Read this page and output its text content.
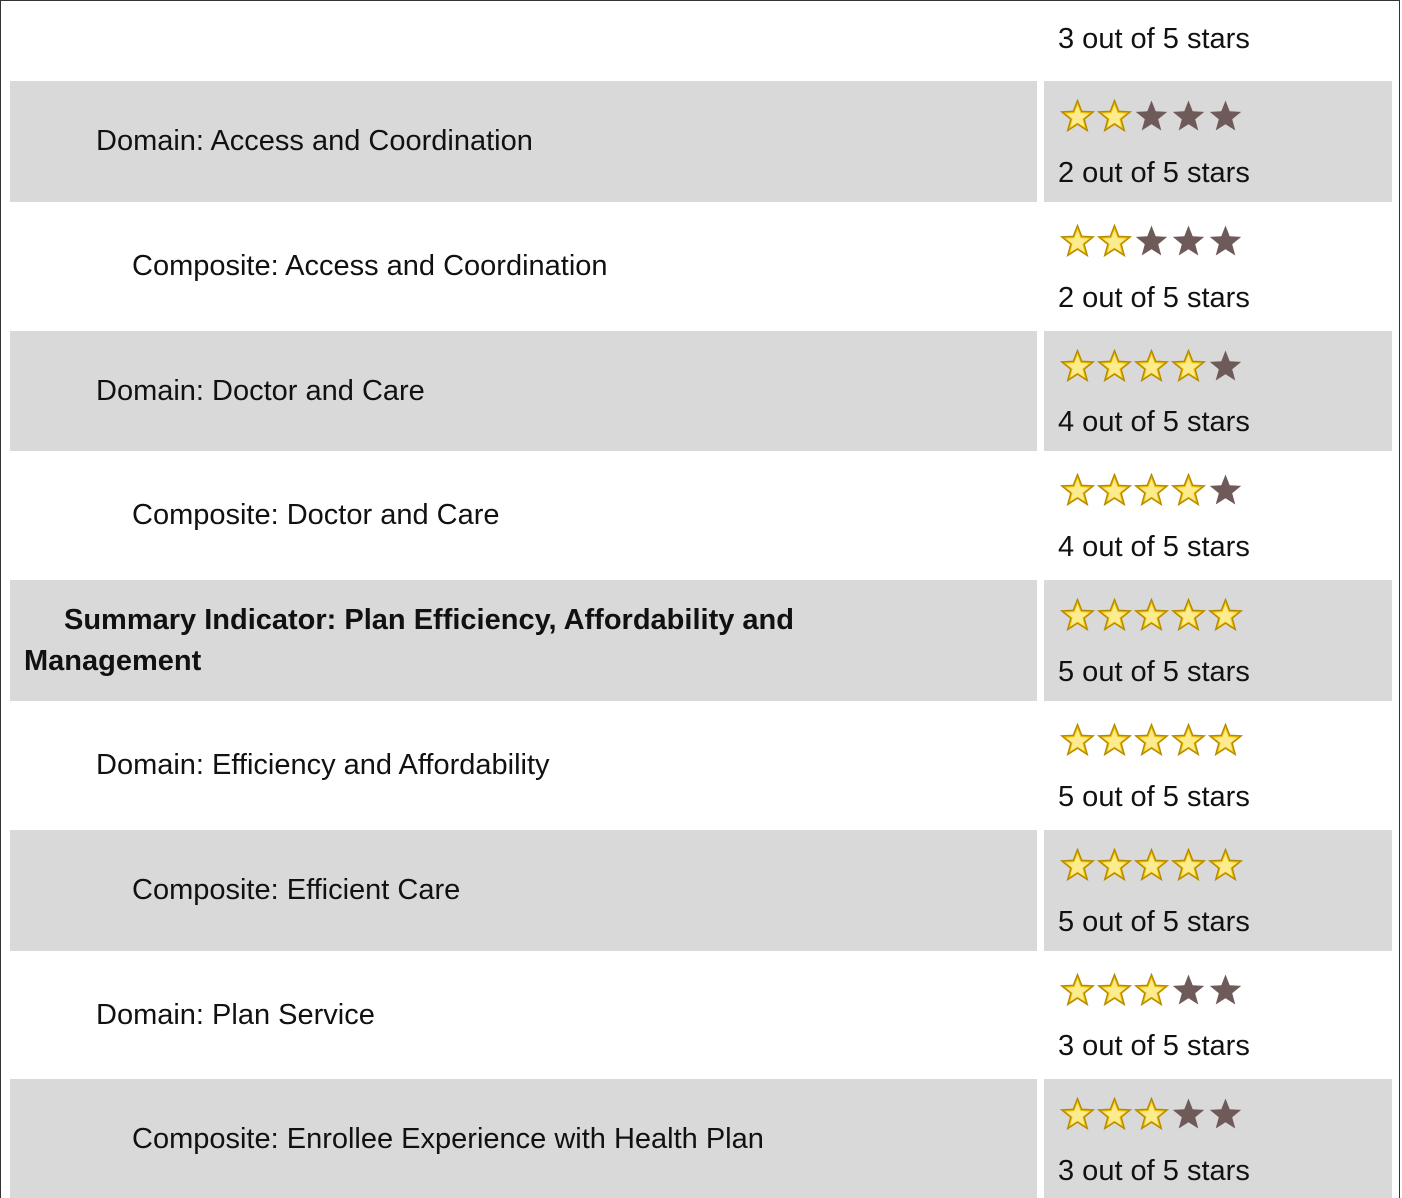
3 out of 5 stars
Domain: Access and Coordination
2 out of 5 stars
Composite: Access and Coordination
2 out of 5 stars
Domain: Doctor and Care
4 out of 5 stars
Composite: Doctor and Care
4 out of 5 stars
Summary Indicator: Plan Efficiency, Affordability and Management	5 out of 5 stars
Domain: Efficiency and Affordability
5 out of 5 stars
Composite: Efficient Care
5 out of 5 stars
Domain: Plan Service
3 out of 5 stars
Composite: Enrollee Experience with Health Plan
3 out of 5 stars
